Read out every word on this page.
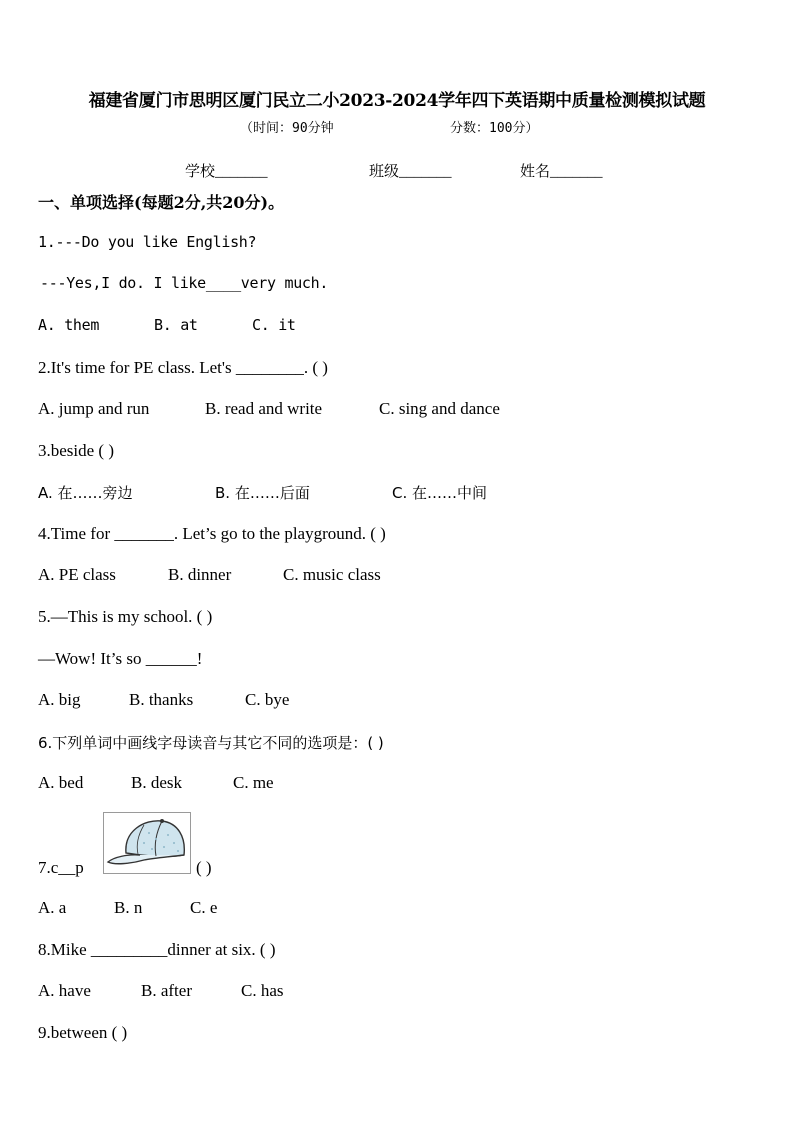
福建省厦门市思明区厦门民立二小2023-2024学年四下英语期中质量检测模拟试题
（时间：90分钟	分数：100分）
学校_______	班级_______	姓名_______
一、单项选择(每题2分,共20分)。
1.---Do you like English?
---Yes,I do. I like____very much.
A. them	B. at	C. it
2.It's time for PE class. Let's ________. ( )
A. jump and run	B. read and write	C. sing and dance
3.beside ( )
A. 在……旁边	B. 在……后面	C. 在……中间
4.Time for _______. Let’s go to the playground. ( )
A. PE class	B. dinner	C. music class
5.—This is my school. ( )
—Wow! It’s so ______!
A. big	B. thanks	C. bye
6.下列单词中画线字母读音与其它不同的选项是：( )
A. bed	B. desk	C. me
7.c__p	( )
A. a	B. n	C. e
8.Mike _________dinner at six. ( )
A. have	B. after	C. has
9.between ( )
